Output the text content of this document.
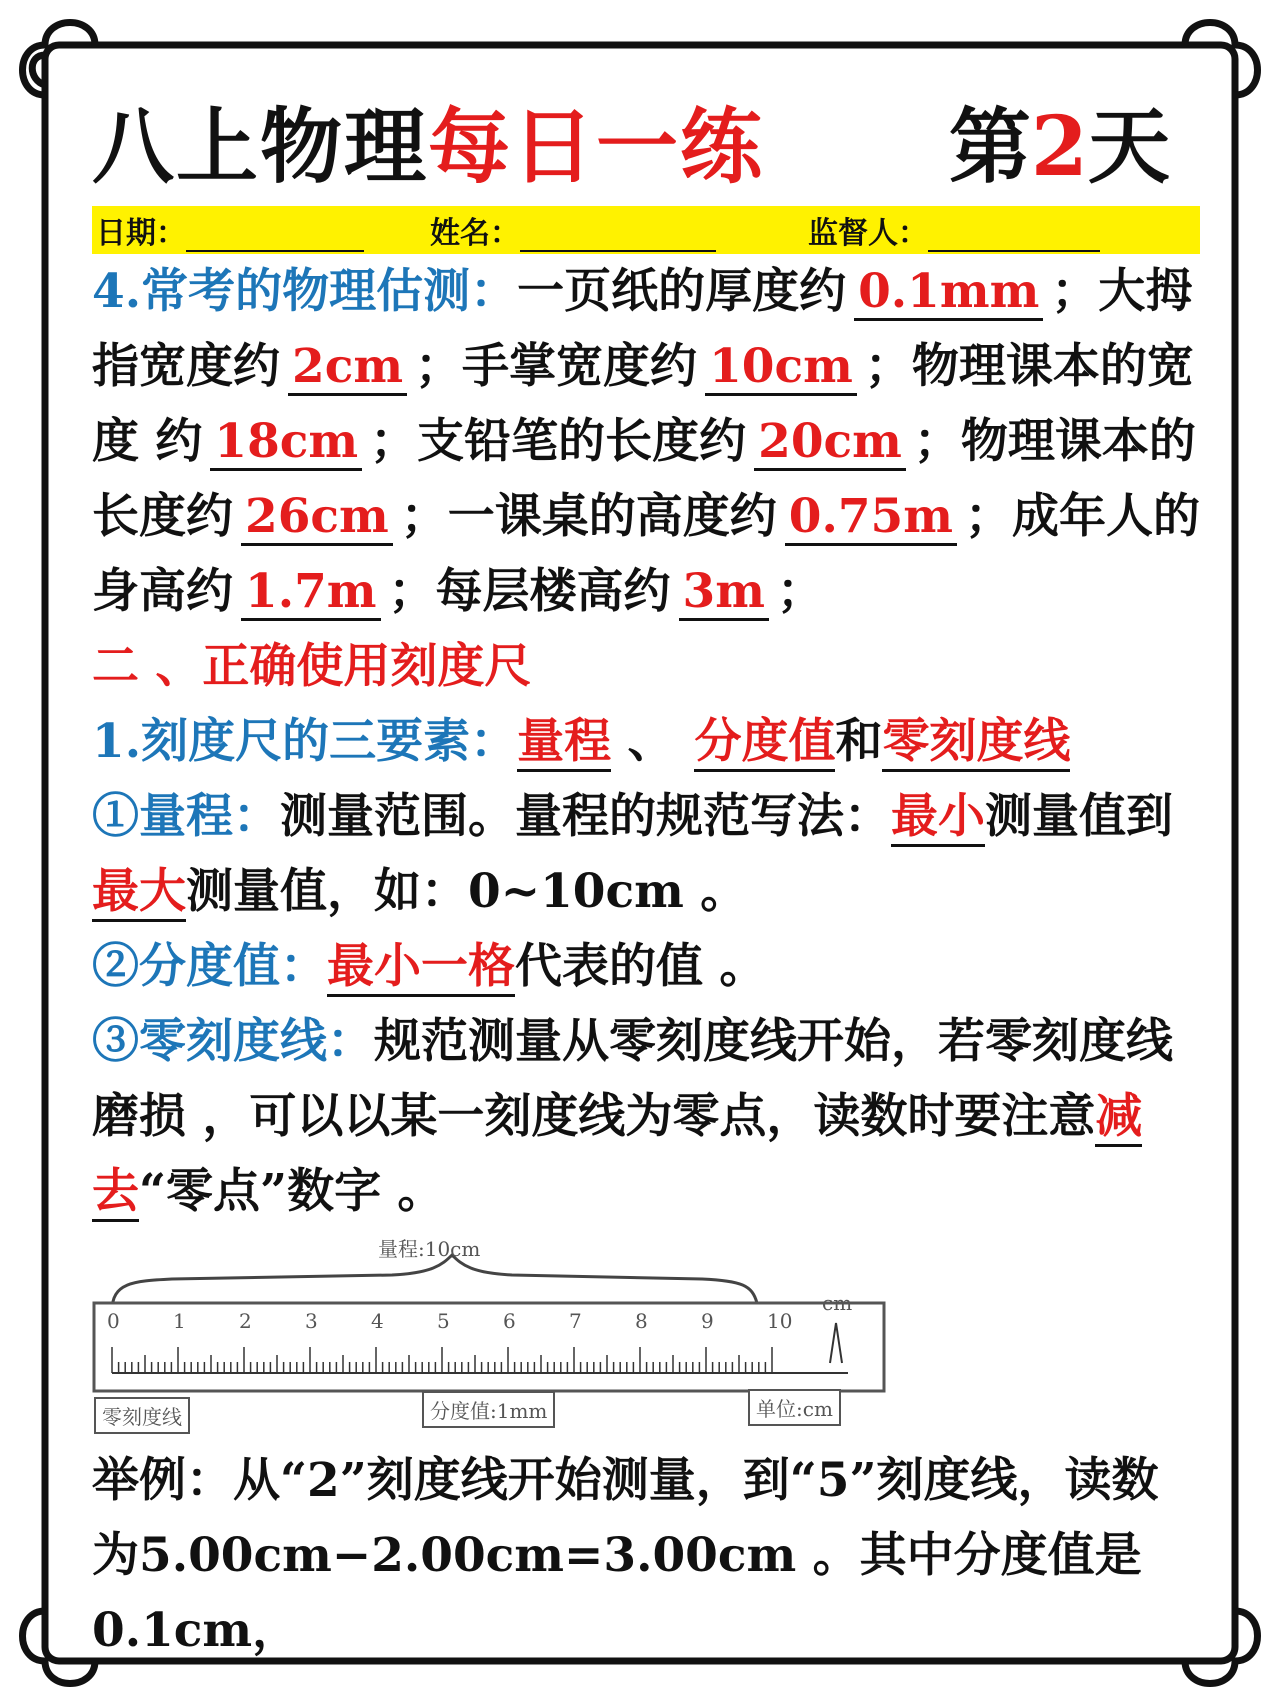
八上物理每日一练 第2天
日期：	姓名：	监督人：

4.常考的物理估测：一页纸的厚度约 0.1mm ；大拇指宽度约 2cm ；手掌宽度约 10cm ；物理课本的宽度 约 18cm ；支铅笔的长度约 20cm ；物理课本的长度约 26cm ；一课桌的高度约 0.75m ；成年人的身高约 1.7m ；每层楼高约 3m ；

二 、正确使用刻度尺

1.刻度尺的三要素：量程 、 分度值和零刻度线

①量程：测量范围。量程的规范写法：最小测量值到最大测量值，如：0~10cm 。

②分度值：最小一格代表的值 。

③零刻度线：规范测量从零刻度线开始，若零刻度线磨损 ，可以以某一刻度线为零点，读数时要注意减去“零点”数字 。

量程:10cm
cm
0	1	2	3	4	5	6	7	8	9	10
零刻度线	分度值:1mm	单位:cm

举例：从“2”刻度线开始测量，到“5”刻度线，读数为5.00cm−2.00cm=3.00cm 。其中分度值是0.1cm，
